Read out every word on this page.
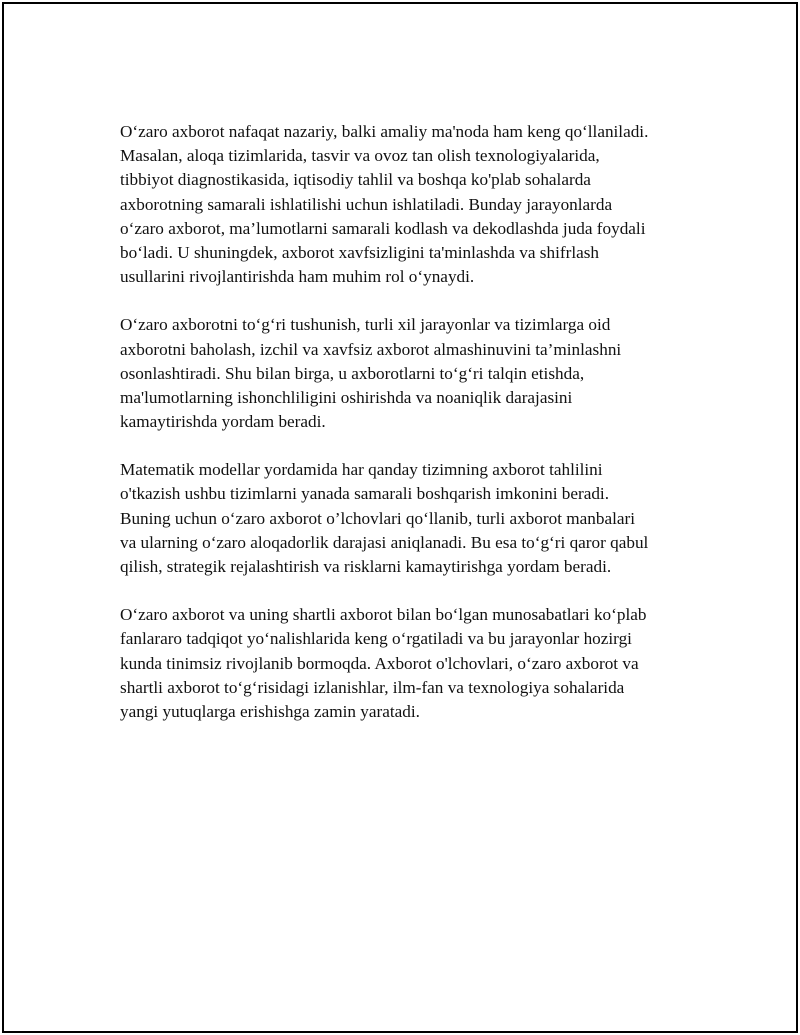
O‘zaro axborot nafaqat nazariy, balki amaliy ma'noda ham keng qo‘llaniladi.
Masalan, aloqa tizimlarida, tasvir va ovoz tan olish texnologiyalarida,
tibbiyot diagnostikasida, iqtisodiy tahlil va boshqa ko'plab sohalarda
axborotning samarali ishlatilishi uchun ishlatiladi. Bunday jarayonlarda
o‘zaro axborot, ma’lumotlarni samarali kodlash va dekodlashda juda foydali
bo‘ladi. U shuningdek, axborot xavfsizligini ta'minlashda va shifrlash
usullarini rivojlantirishda ham muhim rol o‘ynaydi.

O‘zaro axborotni to‘g‘ri tushunish, turli xil jarayonlar va tizimlarga oid
axborotni baholash, izchil va xavfsiz axborot almashinuvini ta’minlashni
osonlashtiradi. Shu bilan birga, u axborotlarni to‘g‘ri talqin etishda,
ma'lumotlarning ishonchliligini oshirishda va noaniqlik darajasini
kamaytirishda yordam beradi.

Matematik modellar yordamida har qanday tizimning axborot tahlilini
o'tkazish ushbu tizimlarni yanada samarali boshqarish imkonini beradi.
Buning uchun o‘zaro axborot o’lchovlari qo‘llanib, turli axborot manbalari
va ularning o‘zaro aloqadorlik darajasi aniqlanadi. Bu esa to‘g‘ri qaror qabul
qilish, strategik rejalashtirish va risklarni kamaytirishga yordam beradi.

O‘zaro axborot va uning shartli axborot bilan bo‘lgan munosabatlari ko‘plab
fanlararo tadqiqot yo‘nalishlarida keng o‘rgatiladi va bu jarayonlar hozirgi
kunda tinimsiz rivojlanib bormoqda. Axborot o'lchovlari, o‘zaro axborot va
shartli axborot to‘g‘risidagi izlanishlar, ilm-fan va texnologiya sohalarida
yangi yutuqlarga erishishga zamin yaratadi.
